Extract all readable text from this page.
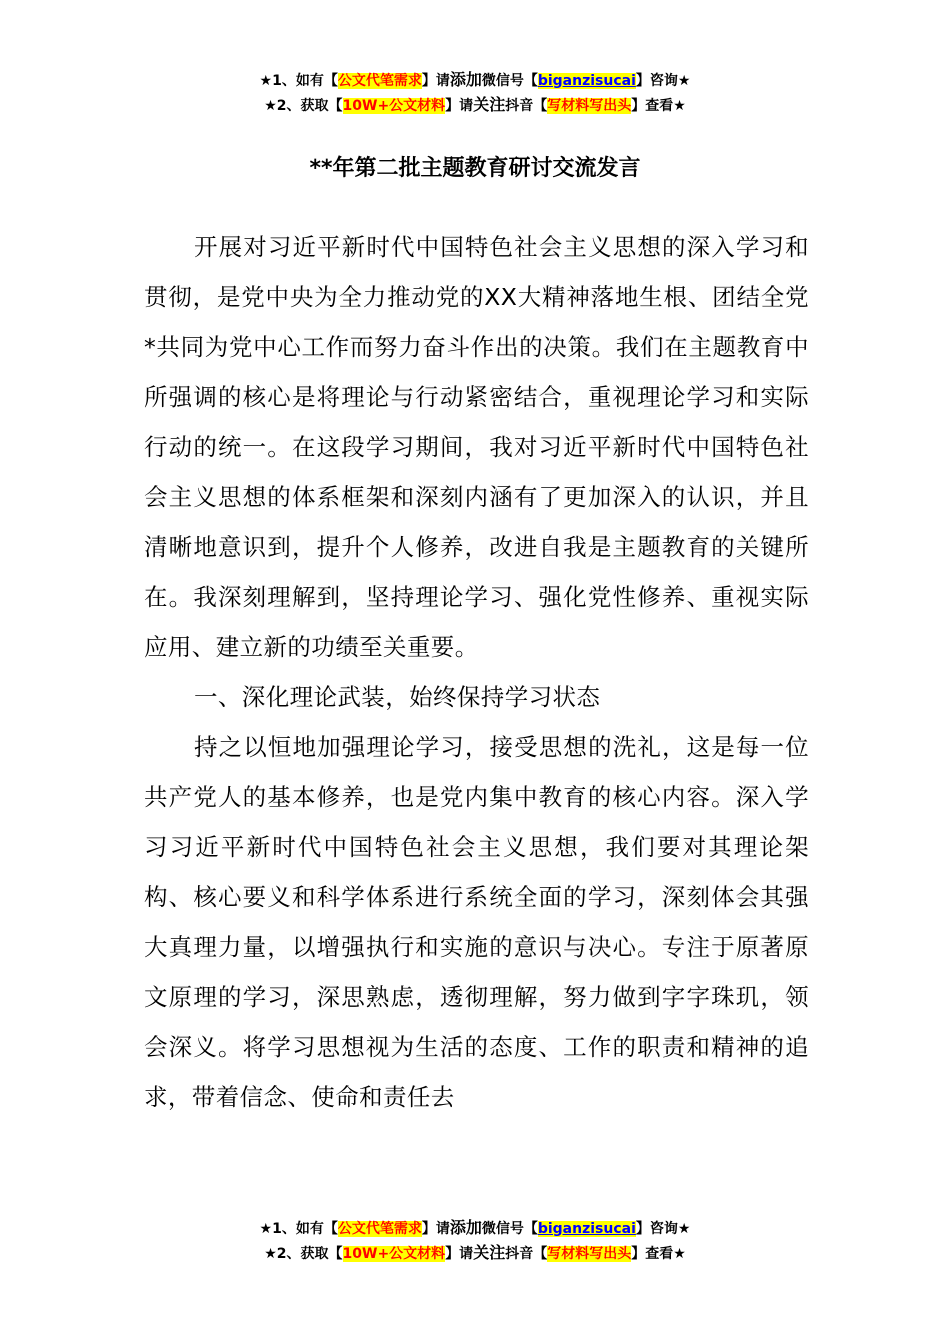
★1、如有【公文代笔需求】请添加微信号【biganzisucai】咨询★
★2、获取【10W+公文材料】请关注抖音【写材料写出头】查看★
**年第二批主题教育研讨交流发言

开展对习近平新时代中国特色社会主义思想的深入学习和贯彻，是党中央为全力推动党的XX大精神落地生根、团结全党*共同为党中心工作而努力奋斗作出的决策。我们在主题教育中所强调的核心是将理论与行动紧密结合，重视理论学习和实际行动的统一。在这段学习期间，我对习近平新时代中国特色社会主义思想的体系框架和深刻内涵有了更加深入的认识，并且清晰地意识到，提升个人修养，改进自我是主题教育的关键所在。我深刻理解到，坚持理论学习、强化党性修养、重视实际应用、建立新的功绩至关重要。

一、深化理论武装，始终保持学习状态

持之以恒地加强理论学习，接受思想的洗礼，这是每一位共产党人的基本修养，也是党内集中教育的核心内容。深入学习习近平新时代中国特色社会主义思想，我们要对其理论架构、核心要义和科学体系进行系统全面的学习，深刻体会其强大真理力量，以增强执行和实施的意识与决心。专注于原著原文原理的学习，深思熟虑，透彻理解，努力做到字字珠玑，领会深义。将学习思想视为生活的态度、工作的职责和精神的追求，带着信念、使命和责任去

★1、如有【公文代笔需求】请添加微信号【biganzisucai】咨询★
★2、获取【10W+公文材料】请关注抖音【写材料写出头】查看★
